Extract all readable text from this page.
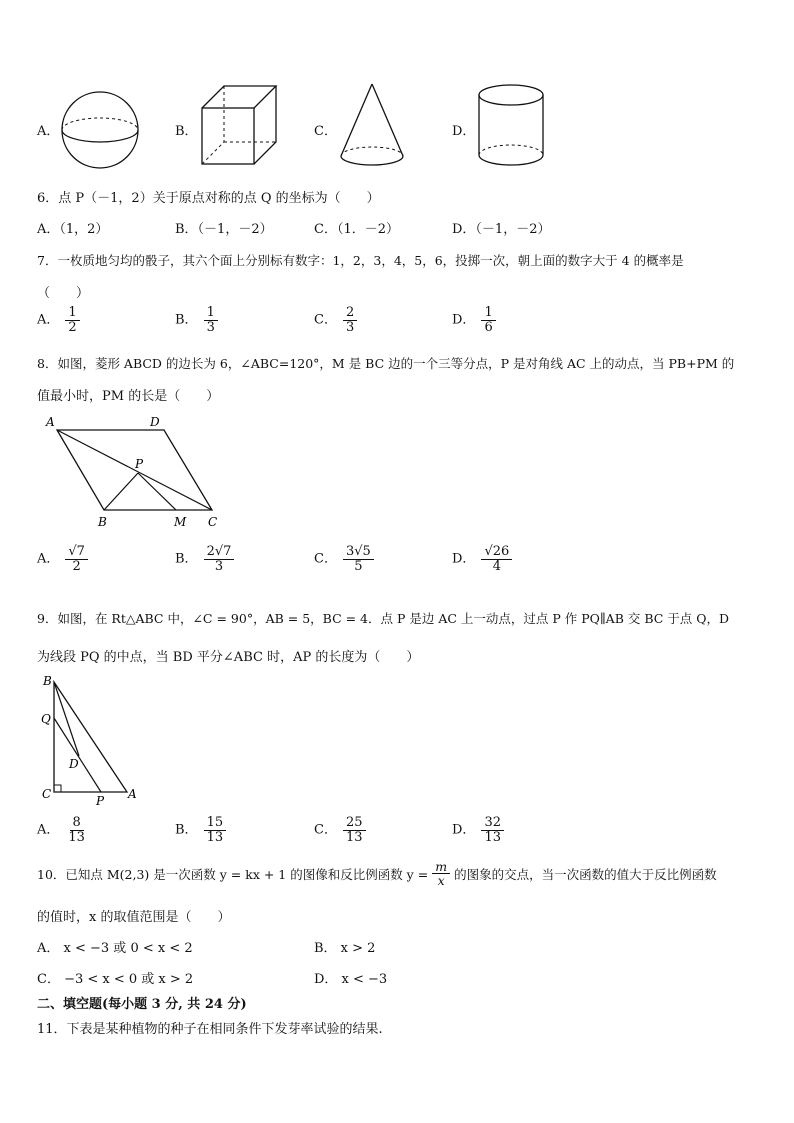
A．	B．	C．	D．
6．点 P（－1，2）关于原点对称的点 Q 的坐标为（　　）
A．（1，2）	B．（－1，－2）	C．（1．－2）	D．（－1，－2）
7．一枚质地匀均的骰子，其六个面上分别标有数字：1，2，3，4，5，6，投掷一次，朝上面的数字大于 4 的概率是
（　　）
A． $\frac{1}{2}$	B． $\frac{1}{3}$	C． $\frac{2}{3}$	D． $\frac{1}{6}$
8．如图，菱形 ABCD 的边长为 6，∠ABC=120°，M 是 BC 边的一个三等分点，P 是对角线 AC 上的动点，当 PB+PM 的
值最小时，PM 的长是（　　）
A	D
P
B	M C
A． $\frac{√7}{2}$	B． $\frac{2√7}{3}$	C． $\frac{3√5}{5}$	D． $\frac{√26}{4}$
9．如图，在 Rt△ABC 中，∠C = 90°，AB = 5，BC = 4．点 P 是边 AC 上一动点，过点 P 作 PQ∥AB 交 BC 于点 Q，D
为线段 PQ 的中点，当 BD 平分∠ABC 时，AP 的长度为（　　）
B
Q
D
C	P A
A． $\frac{8}{13}$	B． $\frac{15}{13}$	C． $\frac{25}{13}$	D． $\frac{32}{13}$
10．已知点 M(2,3) 是一次函数 y = kx + 1 的图像和反比例函数 $y = \frac{m}{x}$ 的图象的交点，当一次函数的值大于反比例函数
的值时，x 的取值范围是（　　）
A． x < −3 或 0 < x < 2	B． x > 2
C． −3 < x < 0 或 x > 2	D． x < −3
二、填空题(每小题 3 分, 共 24 分)
11．下表是某种植物的种子在相同条件下发芽率试验的结果.
